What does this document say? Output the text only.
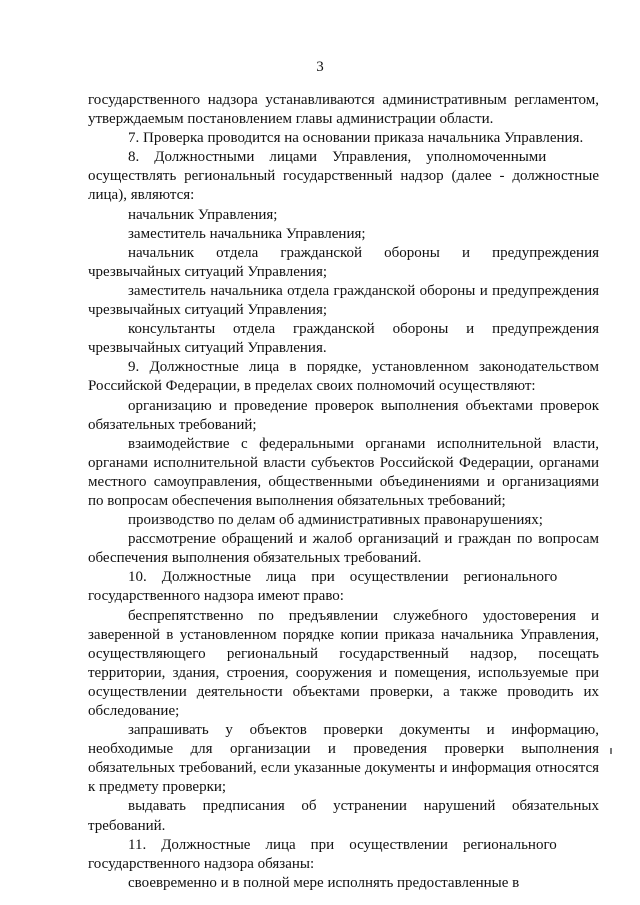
3

государственного надзора устанавливаются административным регламентом, утверждаемым постановлением главы администрации области.

7. Проверка проводится на основании приказа начальника Управления.

8. Должностными лицами Управления, уполномоченными осуществлять региональный государственный надзор (далее - должностные лица), являются:

начальник Управления;

заместитель начальника Управления;

начальник отдела гражданской обороны и предупреждения чрезвычайных ситуаций Управления;

заместитель начальника отдела гражданской обороны и предупреждения чрезвычайных ситуаций Управления;

консультанты отдела гражданской обороны и предупреждения чрезвычайных ситуаций Управления.

9. Должностные лица в порядке, установленном законодательством Российской Федерации, в пределах своих полномочий осуществляют:

организацию и проведение проверок выполнения объектами проверок обязательных требований;

взаимодействие с федеральными органами исполнительной власти, органами исполнительной власти субъектов Российской Федерации, органами местного самоуправления, общественными объединениями и организациями по вопросам обеспечения выполнения обязательных требований;

производство по делам об административных правонарушениях;

рассмотрение обращений и жалоб организаций и граждан по вопросам обеспечения выполнения обязательных требований.

10. Должностные лица при осуществлении регионального государственного надзора имеют право:

беспрепятственно по предъявлении служебного удостоверения и заверенной в установленном порядке копии приказа начальника Управления, осуществляющего региональный государственный надзор, посещать территории, здания, строения, сооружения и помещения, используемые при осуществлении деятельности объектами проверки, а также проводить их обследование;

запрашивать у объектов проверки документы и информацию, необходимые для организации и проведения проверки выполнения обязательных требований, если указанные документы и информация относятся к предмету проверки;

выдавать предписания об устранении нарушений обязательных требований.

11. Должностные лица при осуществлении регионального государственного надзора обязаны:

своевременно и в полной мере исполнять предоставленные в
